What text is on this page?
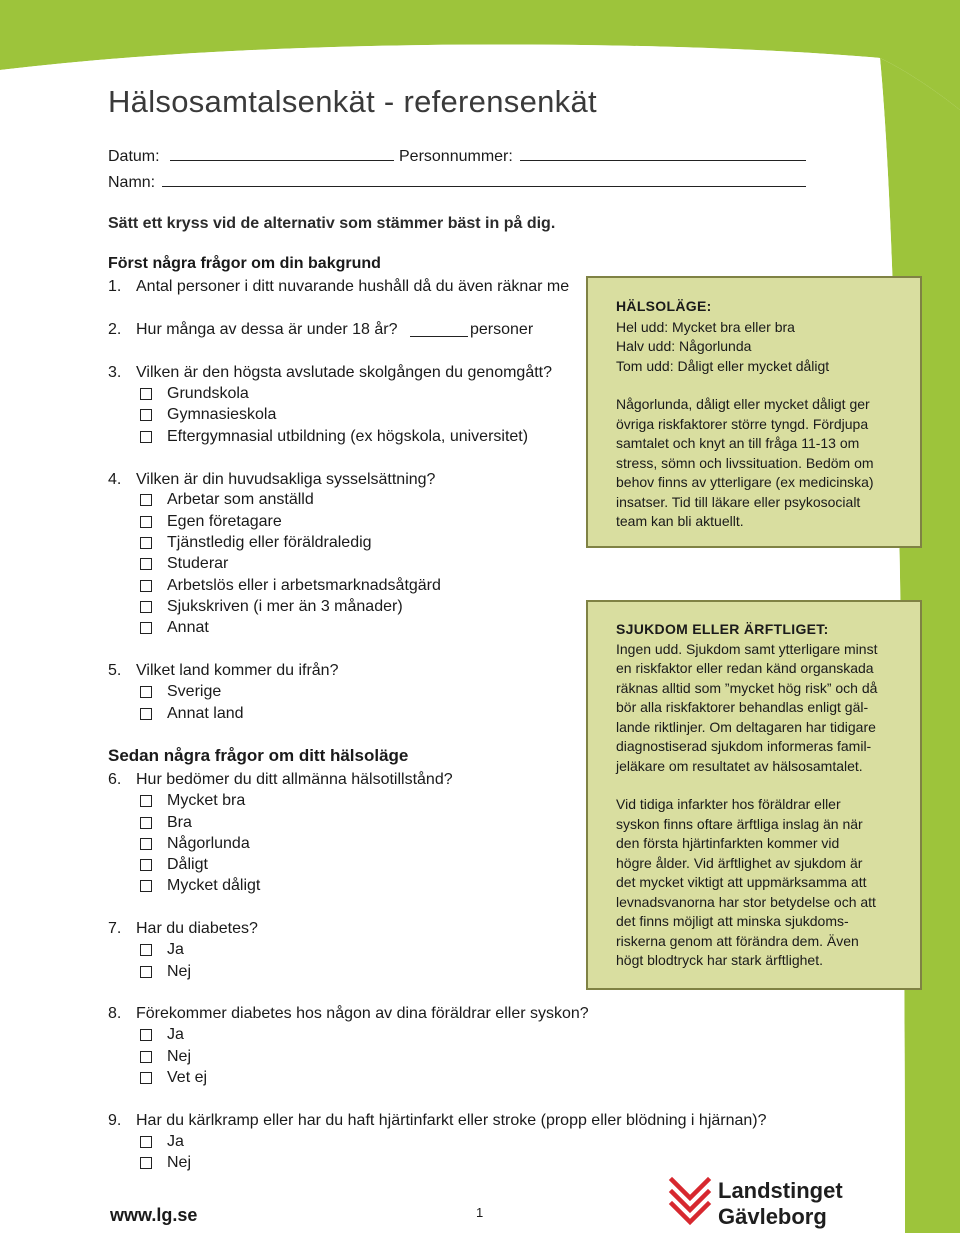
Hälsosamtalsenkät - referensenkät
Datum:	Personnummer:
Namn:
Sätt ett kryss vid de alternativ som stämmer bäst in på dig.
Först några frågor om din bakgrund
1. Antal personer i ditt nuvarande hushåll då du även räknar me
2. Hur många av dessa är under 18 år?	personer
3. Vilken är den högsta avslutade skolgången du genomgått?
Grundskola
Gymnasieskola
Eftergymnasial utbildning (ex högskola, universitet)
4. Vilken är din huvudsakliga sysselsättning?
Arbetar som anställd
Egen företagare
Tjänstledig eller föräldraledig
Studerar
Arbetslös eller i arbetsmarknadsåtgärd
Sjukskriven (i mer än 3 månader)
Annat
5. Vilket land kommer du ifrån?
Sverige
Annat land
Sedan några frågor om ditt hälsoläge
6. Hur bedömer du ditt allmänna hälsotillstånd?
Mycket bra
Bra
Någorlunda
Dåligt
Mycket dåligt
7. Har du diabetes?
Ja
Nej
8. Förekommer diabetes hos någon av dina föräldrar eller syskon?
Ja
Nej
Vet ej
9. Har du kärlkramp eller har du haft hjärtinfarkt eller stroke (propp eller blödning i hjärnan)?
Ja
Nej
HÄLSOLÄGE:
Hel udd: Mycket bra eller bra
Halv udd: Någorlunda
Tom udd: Dåligt eller mycket dåligt
Någorlunda, dåligt eller mycket dåligt ger
övriga riskfaktorer större tyngd. Fördjupa
samtalet och knyt an till fråga 11-13 om
stress, sömn och livssituation. Bedöm om
behov finns av ytterligare (ex medicinska)
insatser. Tid till läkare eller psykosocialt
team kan bli aktuellt.
SJUKDOM ELLER ÄRFTLIGET:
Ingen udd. Sjukdom samt ytterligare minst
en riskfaktor eller redan känd organskada
räknas alltid som ”mycket hög risk” och då
bör alla riskfaktorer behandlas enligt gäl-
lande riktlinjer. Om deltagaren har tidigare
diagnostiserad sjukdom informeras famil-
jeläkare om resultatet av hälsosamtalet.
Vid tidiga infarkter hos föräldrar eller
syskon finns oftare ärftliga inslag än när
den första hjärtinfarkten kommer vid
högre ålder. Vid ärftlighet av sjukdom är
det mycket viktigt att uppmärksamma att
levnadsvanorna har stor betydelse och att
det finns möjligt att minska sjukdoms-
riskerna genom att förändra dem. Även
högt blodtryck har stark ärftlighet.
www.lg.se	1
Landstinget
Gävleborg
